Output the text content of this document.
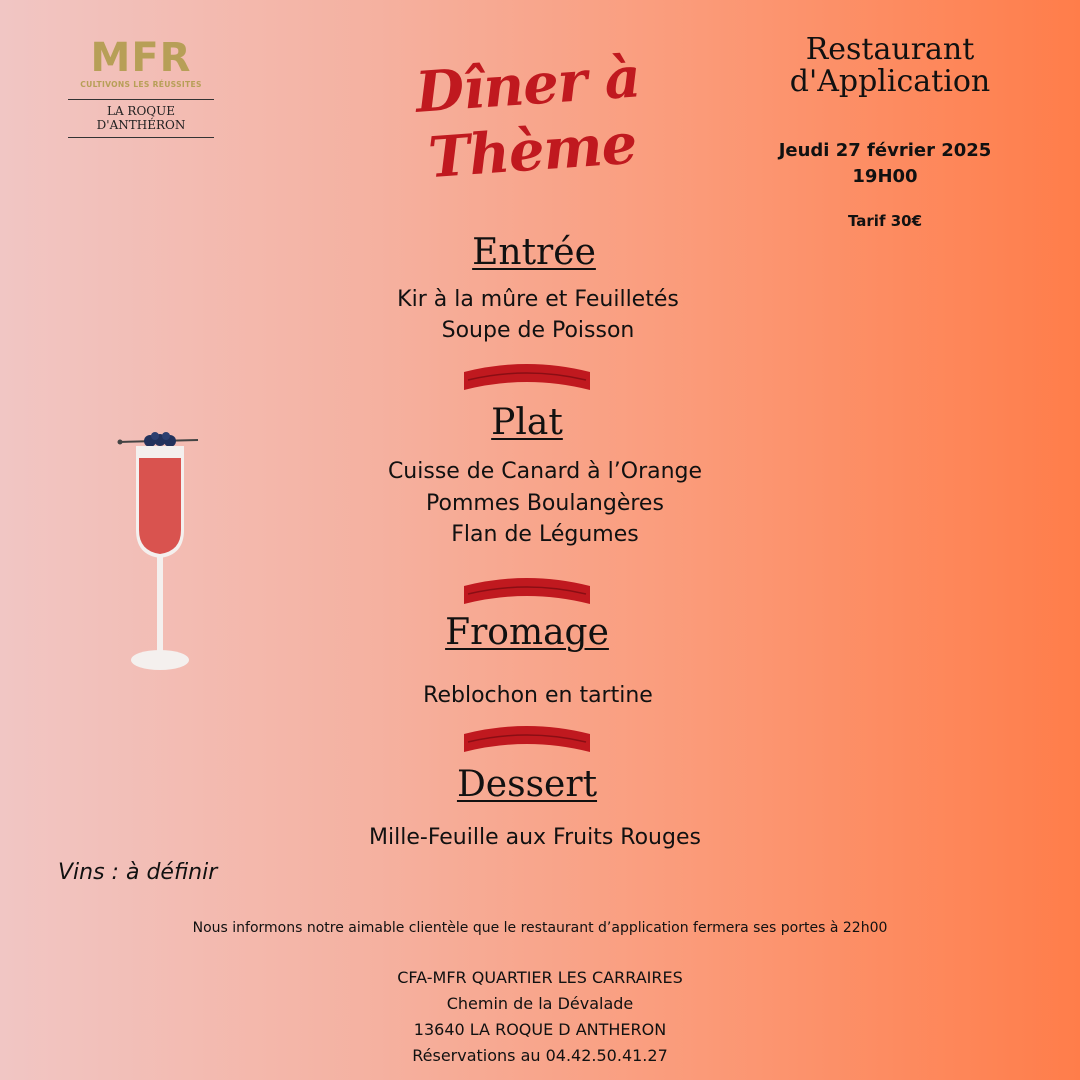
MFR
CULTIVONS LES RÉUSSITES
LA ROQUE D'ANTHÉRON	Dîner à Thème
Restaurant
d'Application
Jeudi 27 février 2025
19H00
Tarif 30€
Entrée
Kir à la mûre et Feuilletés
Soupe de Poisson
Plat
Cuisse de Canard à l’Orange
Pommes Boulangères
Flan de Légumes
Fromage
Reblochon en tartine
Dessert
Mille-Feuille aux Fruits Rouges
Vins : à définir
Nous informons notre aimable clientèle que le restaurant d’application fermera ses portes à 22h00
CFA-MFR QUARTIER LES CARRAIRES
Chemin de la Dévalade
13640 LA ROQUE D ANTHERON
Réservations au 04.42.50.41.27
